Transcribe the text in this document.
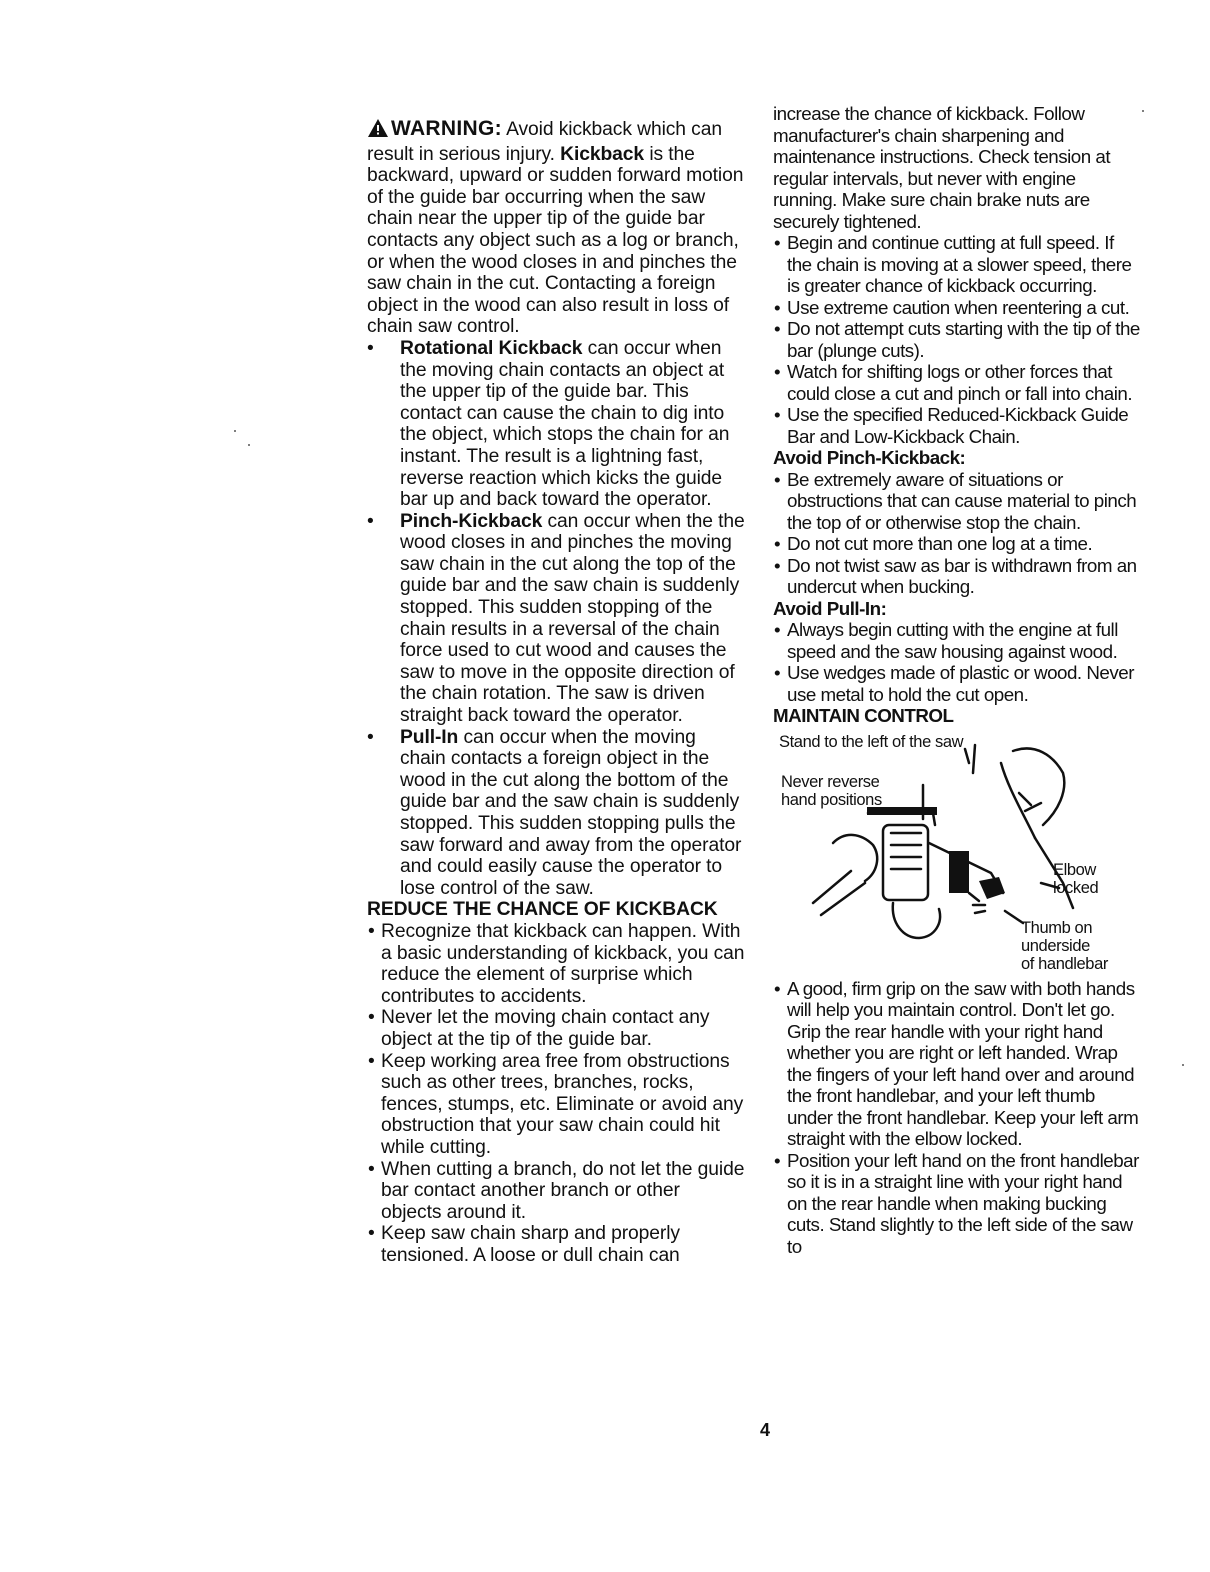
WARNING: Avoid kickback which can result in serious injury. Kickback is the backward, upward or sudden forward motion of the guide bar occurring when the saw chain near the upper tip of the guide bar contacts any object such as a log or branch, or when the wood closes in and pinches the saw chain in the cut. Contacting a foreign object in the wood can also result in loss of chain saw control.

• Rotational Kickback can occur when the moving chain contacts an object at the upper tip of the guide bar. This contact can cause the chain to dig into the object, which stops the chain for an instant. The result is a lightning fast, reverse reaction which kicks the guide bar up and back toward the operator.
• Pinch-Kickback can occur when the the wood closes in and pinches the moving saw chain in the cut along the top of the guide bar and the saw chain is suddenly stopped. This sudden stopping of the chain results in a reversal of the chain force used to cut wood and causes the saw to move in the opposite direction of the chain rotation. The saw is driven straight back toward the operator.
• Pull-In can occur when the moving chain contacts a foreign object in the wood in the cut along the bottom of the guide bar and the saw chain is suddenly stopped. This sudden stopping pulls the saw forward and away from the operator and could easily cause the operator to lose control of the saw.

REDUCE THE CHANCE OF KICKBACK

• Recognize that kickback can happen. With a basic understanding of kickback, you can reduce the element of surprise which contributes to accidents.
• Never let the moving chain contact any object at the tip of the guide bar.
• Keep working area free from obstructions such as other trees, branches, rocks, fences, stumps, etc. Eliminate or avoid any obstruction that your saw chain could hit while cutting.
• When cutting a branch, do not let the guide bar contact another branch or other objects around it.
• Keep saw chain sharp and properly tensioned. A loose or dull chain can

increase the chance of kickback. Follow manufacturer's chain sharpening and maintenance instructions. Check tension at regular intervals, but never with engine running. Make sure chain brake nuts are securely tightened.

• Begin and continue cutting at full speed. If the chain is moving at a slower speed, there is greater chance of kickback occurring.
• Use extreme caution when reentering a cut.
• Do not attempt cuts starting with the tip of the bar (plunge cuts).
• Watch for shifting logs or other forces that could close a cut and pinch or fall into chain.
• Use the specified Reduced-Kickback Guide Bar and Low-Kickback Chain.

Avoid Pinch-Kickback:

• Be extremely aware of situations or obstructions that can cause material to pinch the top of or otherwise stop the chain.
• Do not cut more than one log at a time.
• Do not twist saw as bar is withdrawn from an undercut when bucking.

Avoid Pull-In:

• Always begin cutting with the engine at full speed and the saw housing against wood.
• Use wedges made of plastic or wood. Never use metal to hold the cut open.

MAINTAIN CONTROL

Stand to the left of the saw
Never reverse hand positions
Elbow locked
Thumb on
underside
of handlebar
• A good, firm grip on the saw with both hands will help you maintain control. Don't let go. Grip the rear handle with your right hand whether you are right or left handed. Wrap the fingers of your left hand over and around the front handlebar, and your left thumb under the front handlebar. Keep your left arm straight with the elbow locked.
• Position your left hand on the front handlebar so it is in a straight line with your right hand on the rear handle when making bucking cuts. Stand slightly to the left side of the saw to
4
